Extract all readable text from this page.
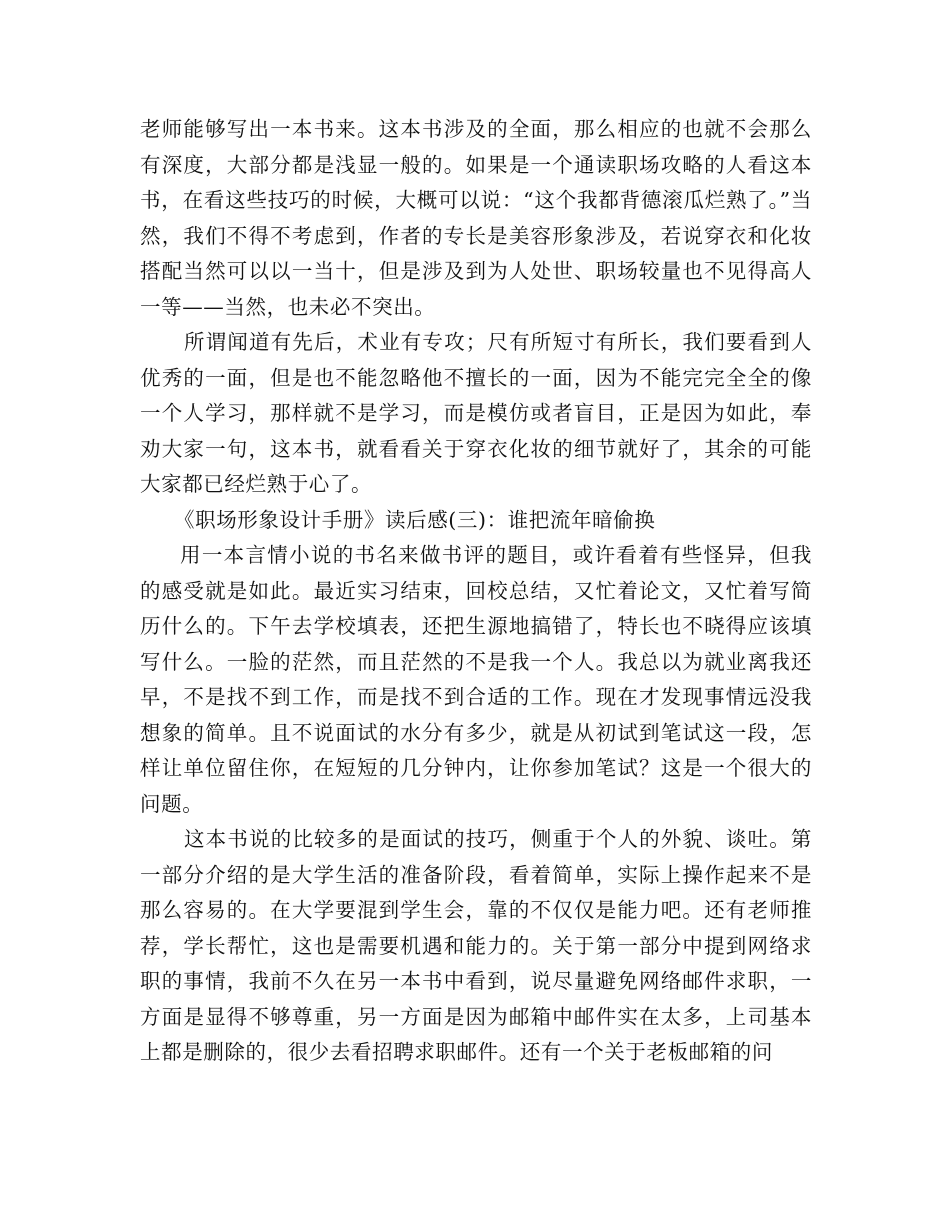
老师能够写出一本书来。这本书涉及的全面，那么相应的也就不会那么有深度，大部分都是浅显一般的。如果是一个通读职场攻略的人看这本书，在看这些技巧的时候，大概可以说：“这个我都背德滚瓜烂熟了。”当然，我们不得不考虑到，作者的专长是美容形象涉及，若说穿衣和化妆搭配当然可以以一当十，但是涉及到为人处世、职场较量也不见得高人一等——当然，也未必不突出。

所谓闻道有先后，术业有专攻；尺有所短寸有所长，我们要看到人优秀的一面，但是也不能忽略他不擅长的一面，因为不能完完全全的像一个人学习，那样就不是学习，而是模仿或者盲目，正是因为如此，奉劝大家一句，这本书，就看看关于穿衣化妆的细节就好了，其余的可能大家都已经烂熟于心了。

《职场形象设计手册》读后感(三)：谁把流年暗偷换

用一本言情小说的书名来做书评的题目，或许看着有些怪异，但我的感受就是如此。最近实习结束，回校总结，又忙着论文，又忙着写简历什么的。下午去学校填表，还把生源地搞错了，特长也不晓得应该填写什么。一脸的茫然，而且茫然的不是我一个人。我总以为就业离我还早，不是找不到工作，而是找不到合适的工作。现在才发现事情远没我想象的简单。且不说面试的水分有多少，就是从初试到笔试这一段，怎样让单位留住你，在短短的几分钟内，让你参加笔试？这是一个很大的问题。

这本书说的比较多的是面试的技巧，侧重于个人的外貌、谈吐。第一部分介绍的是大学生活的准备阶段，看着简单，实际上操作起来不是那么容易的。在大学要混到学生会，靠的不仅仅是能力吧。还有老师推荐，学长帮忙，这也是需要机遇和能力的。关于第一部分中提到网络求职的事情，我前不久在另一本书中看到，说尽量避免网络邮件求职，一方面是显得不够尊重，另一方面是因为邮箱中邮件实在太多，上司基本上都是删除的，很少去看招聘求职邮件。还有一个关于老板邮箱的问
